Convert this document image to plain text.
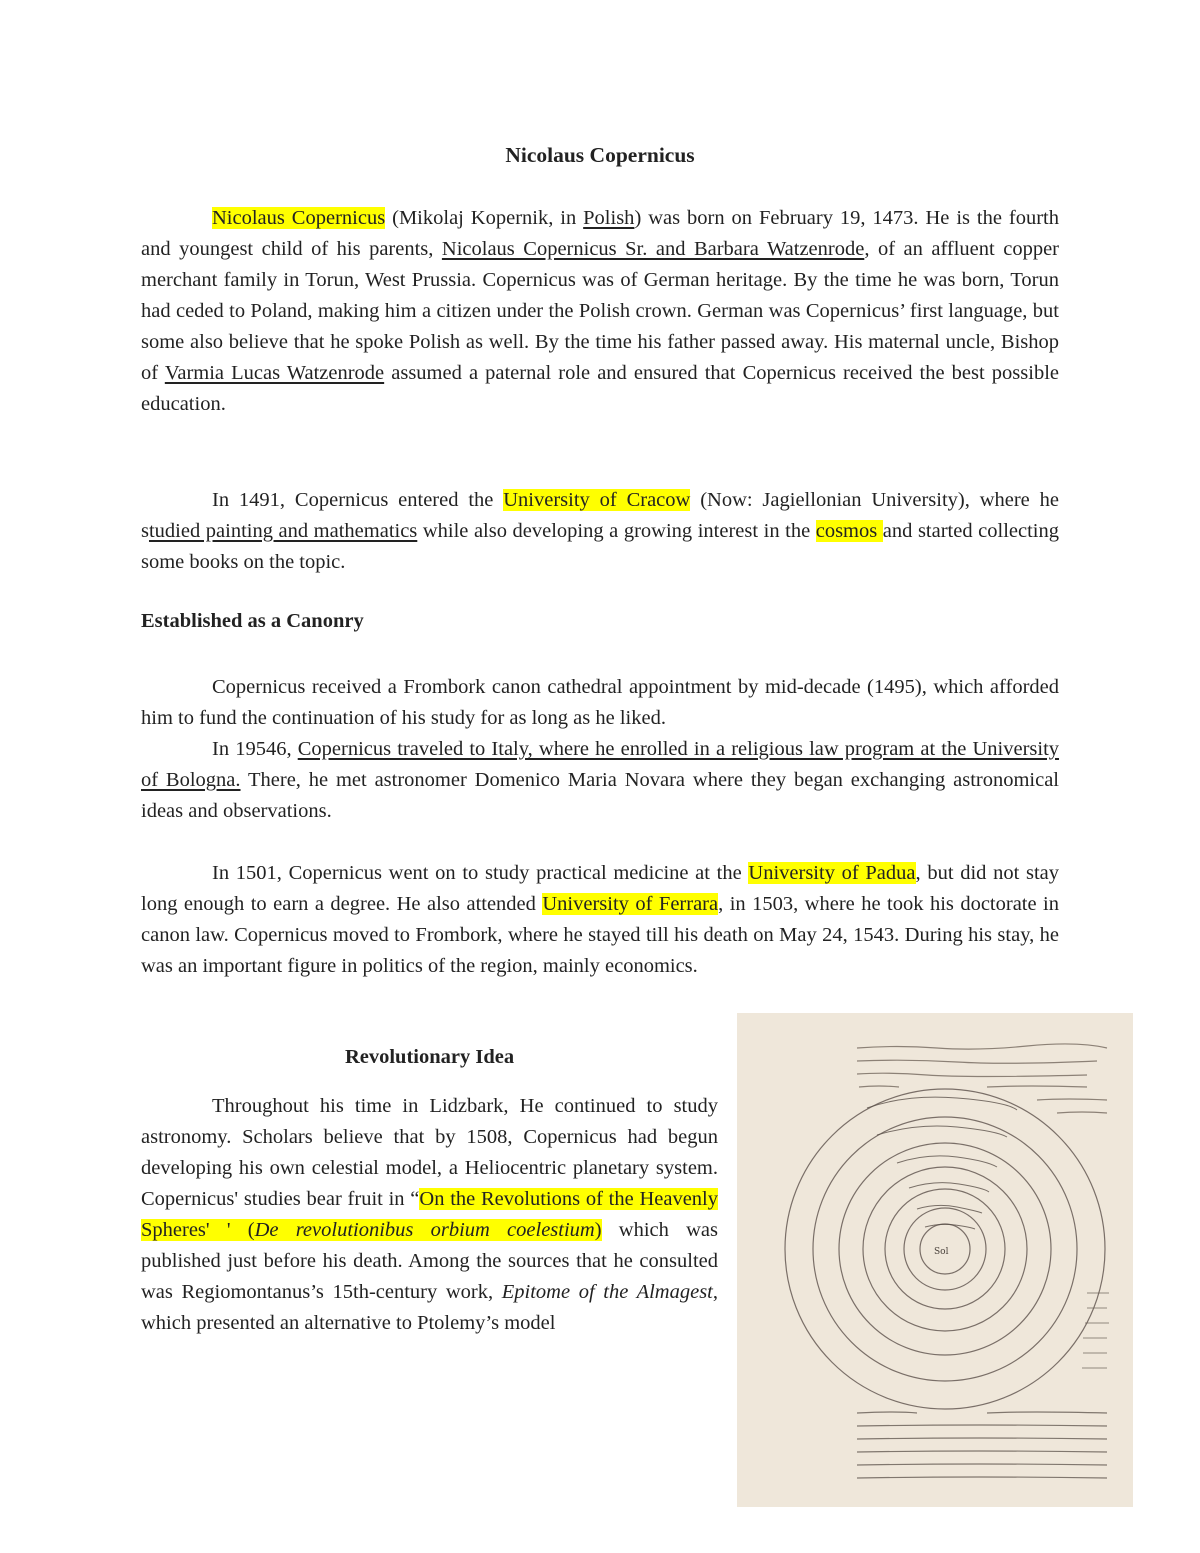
Nicolaus Copernicus
Nicolaus Copernicus (Mikolaj Kopernik, in Polish) was born on February 19, 1473. He is the fourth and youngest child of his parents, Nicolaus Copernicus Sr. and Barbara Watzenrode, of an affluent copper merchant family in Torun, West Prussia. Copernicus was of German heritage. By the time he was born, Torun had ceded to Poland, making him a citizen under the Polish crown. German was Copernicus’ first language, but some also believe that he spoke Polish as well. By the time his father passed away. His maternal uncle, Bishop of Varmia Lucas Watzenrode assumed a paternal role and ensured that Copernicus received the best possible education.
In 1491, Copernicus entered the University of Cracow (Now: Jagiellonian University), where he studied painting and mathematics while also developing a growing interest in the cosmos and started collecting some books on the topic.
Established as a Canonry
Copernicus received a Frombork canon cathedral appointment by mid-decade (1495), which afforded him to fund the continuation of his study for as long as he liked.
In 19546, Copernicus traveled to Italy, where he enrolled in a religious law program at the University of Bologna. There, he met astronomer Domenico Maria Novara where they began exchanging astronomical ideas and observations.
In 1501, Copernicus went on to study practical medicine at the University of Padua, but did not stay long enough to earn a degree. He also attended University of Ferrara, in 1503, where he took his doctorate in canon law. Copernicus moved to Frombork, where he stayed till his death on May 24, 1543. During his stay, he was an important figure in politics of the region, mainly economics.
Revolutionary Idea
Throughout his time in Lidzbark, He continued to study astronomy. Scholars believe that by 1508, Copernicus had begun developing his own celestial model, a Heliocentric planetary system. Copernicus' studies bear fruit in “On the Revolutions of the Heavenly Spheres' ' (De revolutionibus orbium coelestium) which was published just before his death. Among the sources that he consulted was Regiomontanus’s 15th-century work, Epitome of the Almagest, which presented an alternative to Ptolemy’s model
Sol
